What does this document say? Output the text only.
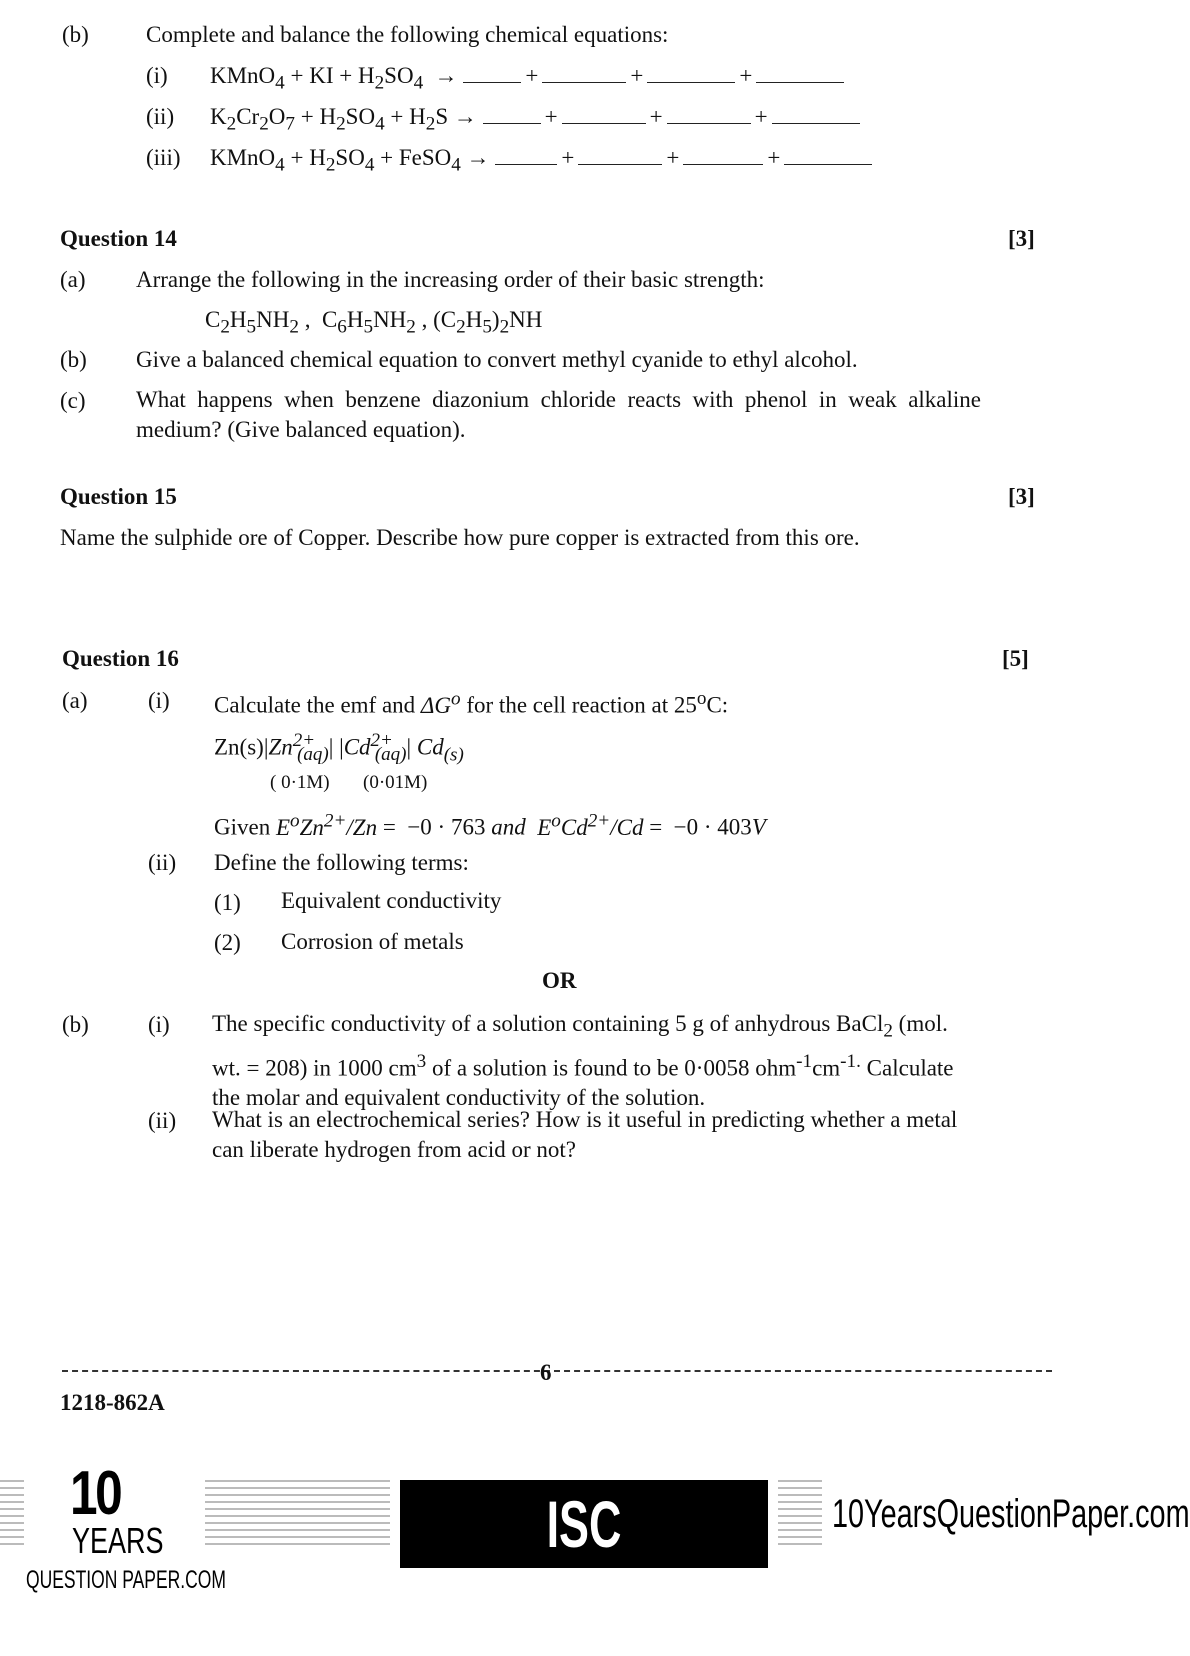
(b) Complete and balance the following chemical equations:
(i) KMnO$_4$ + KI + $H_2SO_4$  →	+	+	+
(ii) $K_2Cr_2O_7 + H_2SO_4 + H_2S$ →	+	+	+
(iii) KMnO$_4$ + $H_2SO_4$ + FeSO$_4$ →	+	+	+
Question 14	[3]
(a) Arrange the following in the increasing order of their basic strength:
$C_2H_5NH_2$ ,  $C_6H_5NH_2$ , $(C_2H_5)_2NH$
(b) Give a balanced chemical equation to convert methyl cyanide to ethyl alcohol.
(c) What happens when benzene diazonium chloride reacts with phenol in weak alkaline medium? (Give balanced equation).
Question 15	[3]
Name the sulphide ore of Copper. Describe how pure copper is extracted from this ore.
Question 16	[5]
(a)	(i) Calculate the emf and $\Delta G^o$ for the cell reaction at 25$^o$C:
$Zn(s)|Zn^{2+}_{(aq)}|$ $|Cd^{2+}_{(aq)}|$ $Cd_{(s)}$
( 0·1M) (0·01M)
Given $E^oZn^{2+}/Zn = -0 \cdot 763$ and $E^oCd^{2+}/Cd = -0 \cdot 403V$
(ii) Define the following terms:
(1) Equivalent conductivity
(2) Corrosion of metals
OR
(b)	(i) The specific conductivity of a solution containing 5 g of anhydrous BaCl$_2$ (mol. wt. = 208) in 1000 $cm^3$ of a solution is found to be 0·0058 $ohm^{-1}cm^{-1.}$ Calculate the molar and equivalent conductivity of the solution.
(ii) What is an electrochemical series? How is it useful in predicting whether a metal can liberate hydrogen from acid or not?
6
1218-862A
10
YEARS
QUESTION PAPER.COM
ISC BOARD XII
10YearsQuestionPaper.com
